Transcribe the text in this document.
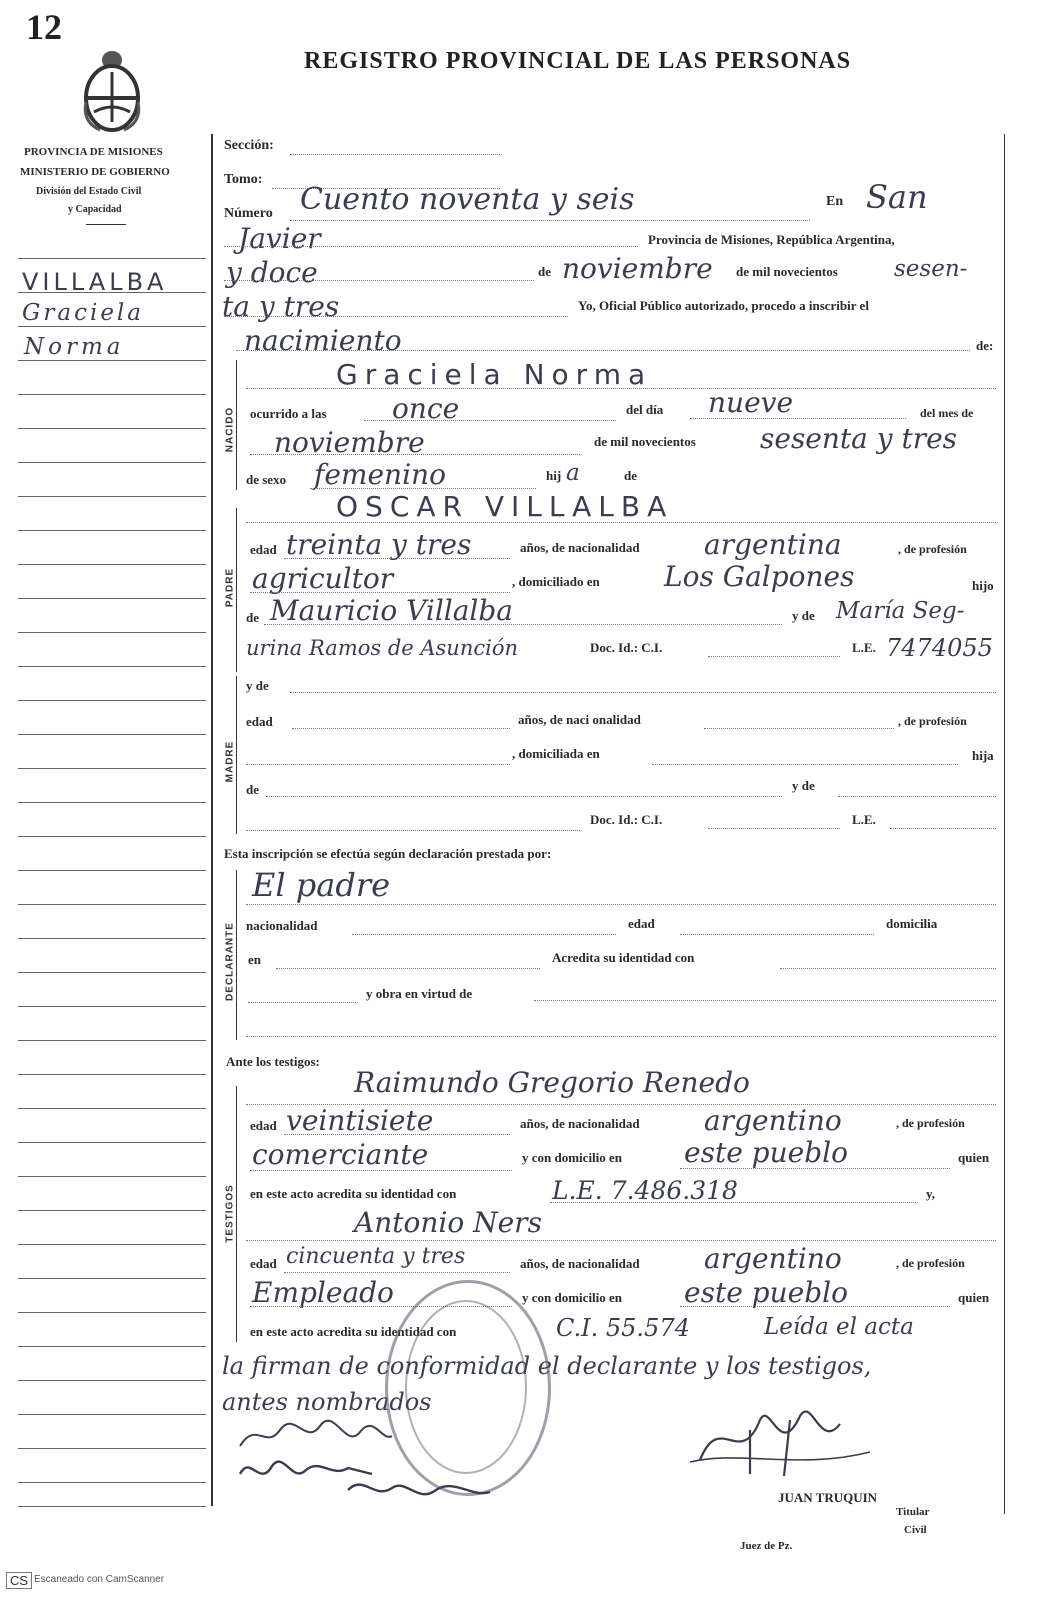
12
REGISTRO PROVINCIAL DE LAS PERSONAS
PROVINCIA DE MISIONES
MINISTERIO DE GOBIERNO
División del Estado Civil
y Capacidad
VILLALBA
Graciela
Norma
NACIDO
PADRE
MADRE
DECLARANTE
TESTIGOS
Sección:
Tomo:
Número Cuento noventa y seis	En San
Javier	Provincia de Misiones, República Argentina,
y doce	de noviembre de mil novecientos sesen-
ta y tres	Yo, Oficial Público autorizado, procedo a inscribir el
nacimiento	de:
Graciela Norma
ocurrido a las once	del día nueve	del mes de
noviembre	de mil novecientos sesenta y tres
de sexo femenino	hij a	de
OSCAR VILLALBA
edad treinta y tres	años, de nacionalidad argentina	, de profesión
agricultor	, domiciliado en Los Galpones	hijo
de Mauricio Villalba	y de María Seg-
urina Ramos de Asunción	Doc. Id.: C.I.	L.E. 7474055
y de
edad	años, de naci onalidad	, de profesión
, domiciliada en	hija
de	y de
Doc. Id.: C.I.	L.E.
Esta inscripción se efectúa según declaración prestada por:
El padre
nacionalidad	edad	domicilia
en	Acredita su identidad con
y obra en virtud de
Ante los testigos:
Raimundo Gregorio Renedo
edad veintisiete	años, de nacionalidad argentino	, de profesión
comerciante	y con domicilio en este pueblo	quien
en este acto acredita su identidad con	L.E. 7.486.318	y,
Antonio Ners
edad cincuenta y tres	años, de nacionalidad argentino	, de profesión
Empleado	y con domicilio en este pueblo	quien
en este acto acredita su identidad con	C.I. 55.574	Leída el acta
la firman de conformidad el declarante y los testigos,
antes nombrados
JUAN TRUQUIN
Juez de Pz.
Titular
Civil
CS Escaneado con CamScanner
